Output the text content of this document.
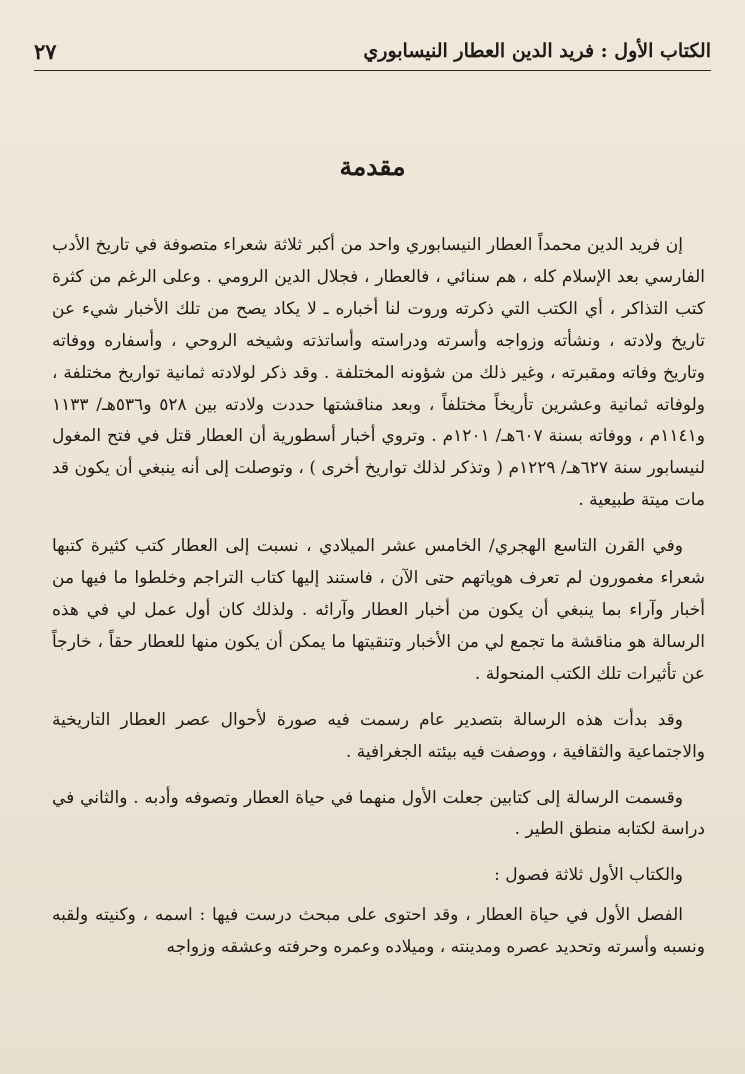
الكتاب الأول : فريد الدين العطار النيسابوري
٢٧
مقدمة

إن فريد الدين محمداً العطار النيسابوري واحد من أكبر ثلاثة شعراء متصوفة في تاريخ الأدب الفارسي بعد الإسلام كله ، هم سنائي ، فالعطار ، فجلال الدين الرومي . وعلى الرغم من كثرة كتب التذاكر ، أي الكتب التي ذكرته وروت لنا أخباره ـ لا يكاد يصح من تلك الأخبار شيء عن تاريخ ولادته ، ونشأته وزواجه وأسرته ودراسته وأساتذته وشيخه الروحي ، وأسفاره ووفاته وتاريخ وفاته ومقبرته ، وغير ذلك من شؤونه المختلفة . وقد ذكر لولادته ثمانية تواريخ مختلفة ، ولوفاته ثمانية وعشرين تأريخاً مختلفاً ، وبعد مناقشتها حددت ولادته بين ٥٢٨ و٥٣٦هـ/ ١١٣٣ و١١٤١م ، ووفاته بسنة ٦٠٧هـ/ ١٢٠١م . وتروي أخبار أسطورية أن العطار قتل في فتح المغول لنيسابور سنة ٦٢٧هـ/ ١٢٢٩م ( وتذكر لذلك تواريخ أخرى ) ، وتوصلت إلى أنه ينبغي أن يكون قد مات ميتة طبيعية .

وفي القرن التاسع الهجري/ الخامس عشر الميلادي ، نسبت إلى العطار كتب كثيرة كتبها شعراء مغمورون لم تعرف هوياتهم حتى الآن ، فاستند إليها كتاب التراجم وخلطوا ما فيها من أخبار وآراء بما ينبغي أن يكون من أخبار العطار وآرائه . ولذلك كان أول عمل لي في هذه الرسالة هو مناقشة ما تجمع لي من الأخبار وتنقيتها ما يمكن أن يكون منها للعطار حقاً ، خارجاً عن تأثيرات تلك الكتب المنحولة .

وقد بدأت هذه الرسالة بتصدير عام رسمت فيه صورة لأحوال عصر العطار التاريخية والاجتماعية والثقافية ، ووصفت فيه بيئته الجغرافية .

وقسمت الرسالة إلى كتابين جعلت الأول منهما في حياة العطار وتصوفه وأدبه . والثاني في دراسة لكتابه منطق الطير .

والكتاب الأول ثلاثة فصول :

الفصل الأول في حياة العطار ، وقد احتوى على مبحث درست فيها : اسمه ، وكنيته ولقبه ونسبه وأسرته وتحديد عصره ومدينته ، وميلاده وعمره وحرفته وعشقه وزواجه
